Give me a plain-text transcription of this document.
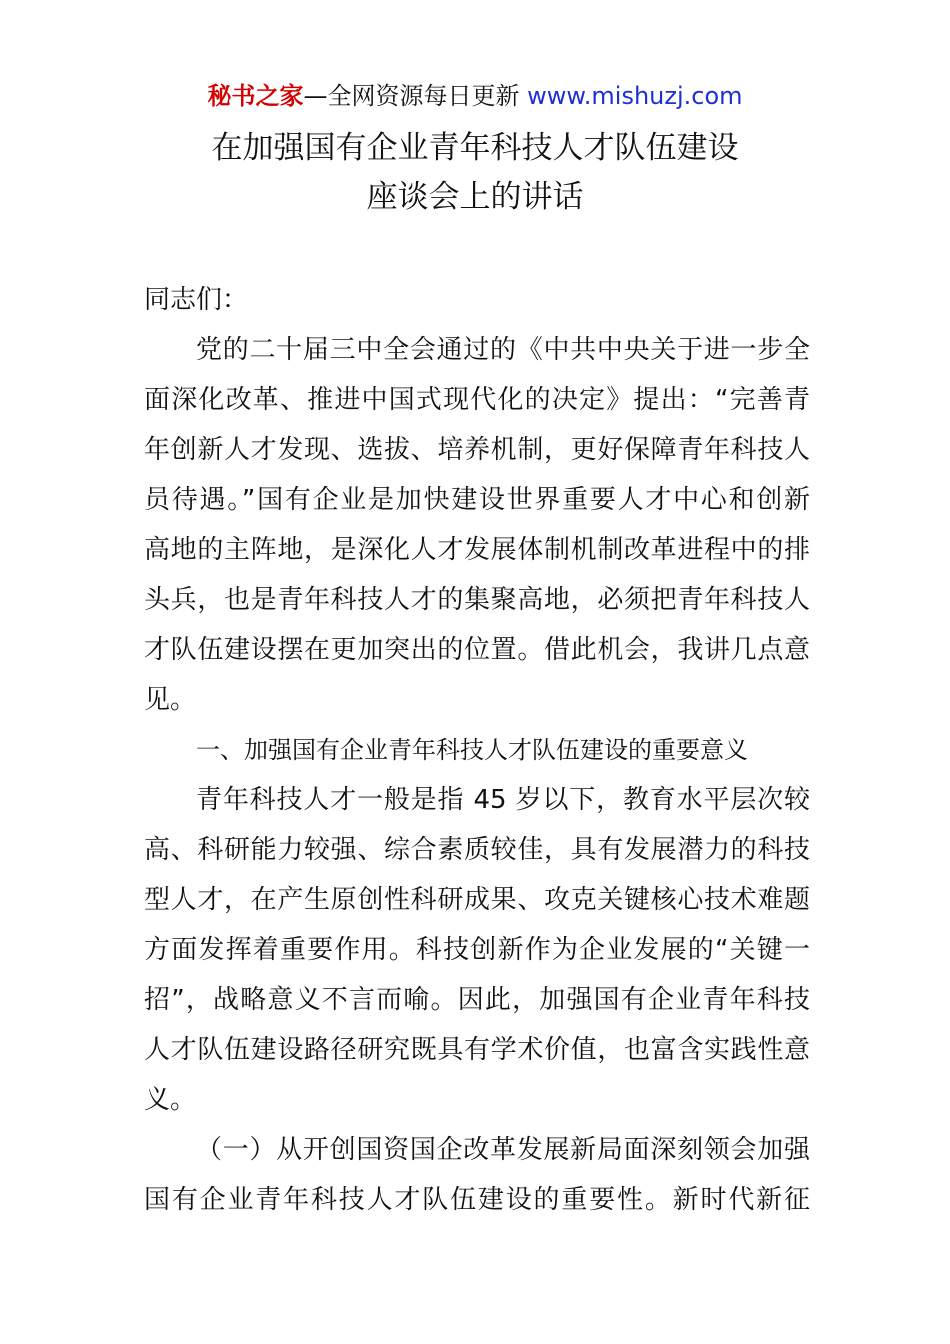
秘书之家—全网资源每日更新 www.mishuzj.com
在加强国有企业青年科技人才队伍建设
座谈会上的讲话
同志们：
党的二十届三中全会通过的《中共中央关于进一步全
面深化改革、推进中国式现代化的决定》提出：“完善青
年创新人才发现、选拔、培养机制，更好保障青年科技人
员待遇。”国有企业是加快建设世界重要人才中心和创新
高地的主阵地，是深化人才发展体制机制改革进程中的排
头兵，也是青年科技人才的集聚高地，必须把青年科技人
才队伍建设摆在更加突出的位置。借此机会，我讲几点意
见。
一、加强国有企业青年科技人才队伍建设的重要意义
青年科技人才一般是指 45 岁以下，教育水平层次较
高、科研能力较强、综合素质较佳，具有发展潜力的科技
型人才，在产生原创性科研成果、攻克关键核心技术难题
方面发挥着重要作用。科技创新作为企业发展的“关键一
招”，战略意义不言而喻。因此，加强国有企业青年科技
人才队伍建设路径研究既具有学术价值，也富含实践性意
义。
（一）从开创国资国企改革发展新局面深刻领会加强
国有企业青年科技人才队伍建设的重要性。新时代新征
